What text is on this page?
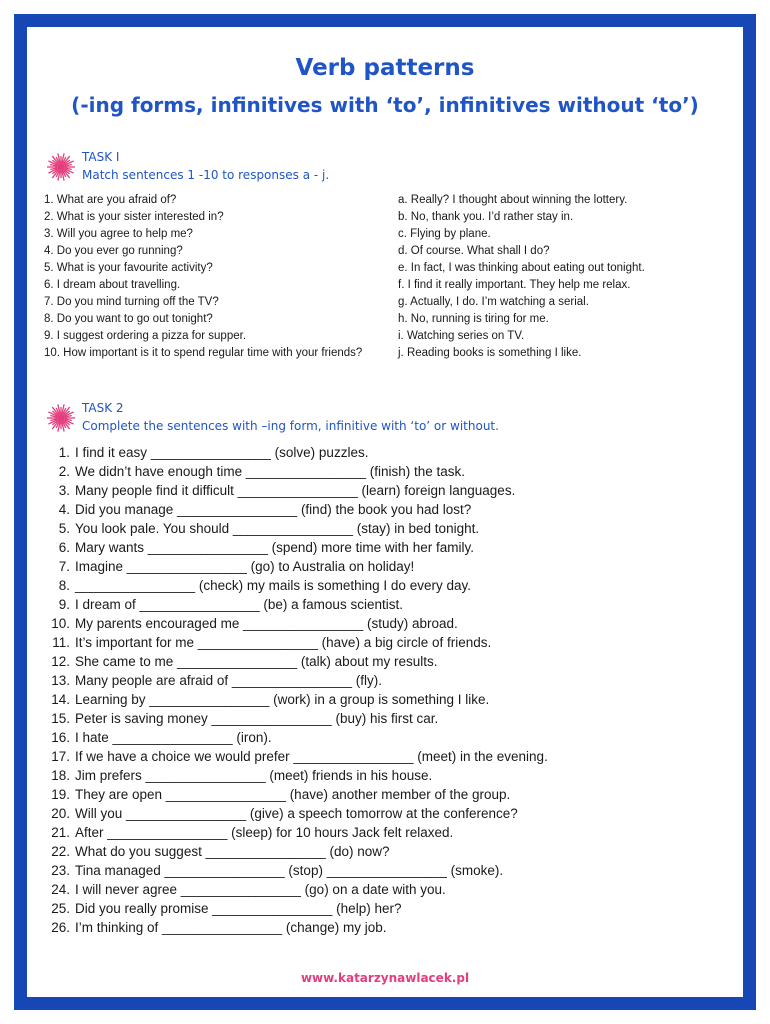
Verb patterns
(-ing forms, infinitives with ‘to’, infinitives without ‘to’)
TASK I
Match sentences 1 -10 to responses a - j.
1. What are you afraid of?
2. What is your sister interested in?
3. Will you agree to help me?
4. Do you ever go running?
5. What is your favourite activity?
6. I dream about travelling.
7. Do you mind turning off the TV?
8. Do you want to go out tonight?
9. I suggest ordering a pizza for supper.
10. How important is it to spend regular time with your friends?
a. Really? I thought about winning the lottery.
b. No, thank you. I’d rather stay in.
c. Flying by plane.
d. Of course. What shall I do?
e. In fact, I was thinking about eating out tonight.
f. I find it really important. They help me relax.
g. Actually, I do. I’m watching a serial.
h. No, running is tiring for me.
i. Watching series on TV.
j. Reading books is something I like.
TASK 2
Complete the sentences with –ing form, infinitive with ‘to’ or without.
1. I find it easy ________________ (solve) puzzles.
2. We didn’t have enough time ________________ (finish) the task.
3. Many people find it difficult ________________ (learn) foreign languages.
4. Did you manage ________________ (find) the book you had lost?
5. You look pale. You should ________________ (stay) in bed tonight.
6. Mary wants ________________ (spend) more time with her family.
7. Imagine ________________ (go) to Australia on holiday!
8. ________________ (check) my mails is something I do every day.
9. I dream of ________________ (be) a famous scientist.
10. My parents encouraged me ________________ (study) abroad.
11. It’s important for me ________________ (have) a big circle of friends.
12. She came to me ________________ (talk) about my results.
13. Many people are afraid of ________________ (fly).
14. Learning by ________________ (work) in a group is something I like.
15. Peter is saving money ________________ (buy) his first car.
16. I hate ________________ (iron).
17. If we have a choice we would prefer ________________ (meet) in the evening.
18. Jim prefers ________________ (meet) friends in his house.
19. They are open ________________ (have) another member of the group.
20. Will you ________________ (give) a speech tomorrow at the conference?
21. After ________________ (sleep) for 10 hours Jack felt relaxed.
22. What do you suggest ________________ (do) now?
23. Tina managed ________________ (stop) ________________ (smoke).
24. I will never agree ________________ (go) on a date with you.
25. Did you really promise ________________ (help) her?
26. I’m thinking of ________________ (change) my job.
www.katarzynawlacek.pl
